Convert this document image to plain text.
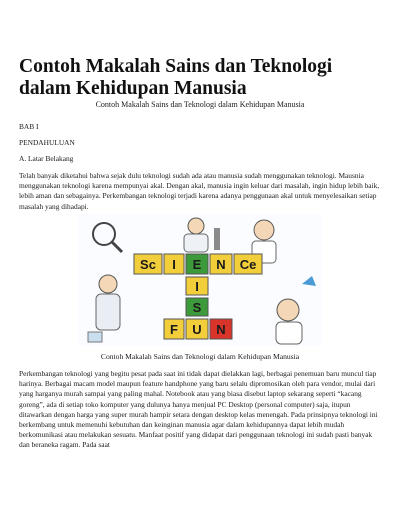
Contoh Makalah Sains dan Teknologi dalam Kehidupan Manusia
Contoh Makalah Sains dan Teknologi dalam Kehidupan Manusia

BAB I

PENDAHULUAN

A. Latar Belakang

Telah banyak diketahui bahwa sejak dulu teknologi sudah ada atau manusia sudah menggunakan teknologi. Mausnia menggunakan teknologi karena mempunyai akal. Dengan akal, manusia ingin keluar dari masalah, ingin hidup lebih baik, lebih aman dan sebagainya. Perkembangan teknologi terjadi karena adanya penggunaan akal untuk menyelesaikan setiap masalah yang dihadapi.

Sc I E N Ce
I
S
F U N
Contoh Makalah Sains dan Teknologi dalam Kehidupan Manusia

Perkembangan teknologi yang begitu pesat pada saat ini tidak dapat dielakkan lagi, berbagai penemuan baru muncul tiap harinya. Berbagai macam model maupun feature handphone yang baru selalu dipromosikan oleh para vendor, mulai dari yang harganya murah sampai yang paling mahal. Notebook atau yang biasa disebut laptop sekarang seperti “kacang goreng”, ada di setiap toko komputer yang dulunya hanya menjual PC Desktop (personal computer) saja, itupun ditawarkan dengan harga yang super murah hampir setara dengan desktop kelas menengah. Pada prinsipnya teknologi ini berkembang untuk memenuhi kebutuhan dan keinginan manusia agar dalam kehidupannya dapat lebih mudah berkomunikasi atau melakukan sesuatu. Manfaat positif yang didapat dari penggunaan teknologi ini sudah pasti banyak dan beraneka ragam. Pada saat
